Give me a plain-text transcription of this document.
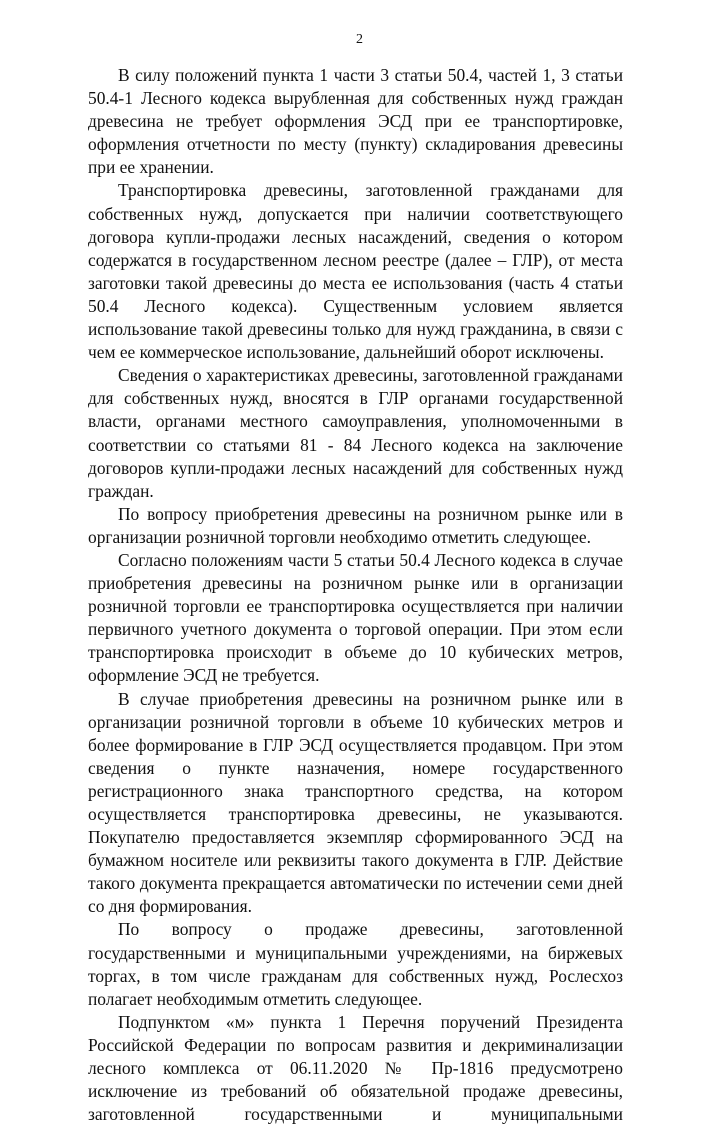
2

В силу положений пункта 1 части 3 статьи 50.4, частей 1, 3 статьи 50.4-1 Лесного кодекса вырубленная для собственных нужд граждан древесина не требует оформления ЭСД при ее транспортировке, оформления отчетности по месту (пункту) складирования древесины при ее хранении.

Транспортировка древесины, заготовленной гражданами для собственных нужд, допускается при наличии соответствующего договора купли-продажи лесных насаждений, сведения о котором содержатся в государственном лесном реестре (далее – ГЛР), от места заготовки такой древесины до места ее использования (часть 4 статьи 50.4 Лесного кодекса). Существенным условием является использование такой древесины только для нужд гражданина, в связи с чем ее коммерческое использование, дальнейший оборот исключены.

Сведения о характеристиках древесины, заготовленной гражданами для собственных нужд, вносятся в ГЛР органами государственной власти, органами местного самоуправления, уполномоченными в соответствии со статьями 81 - 84 Лесного кодекса на заключение договоров купли-продажи лесных насаждений для собственных нужд граждан.

По вопросу приобретения древесины на розничном рынке или в организации розничной торговли необходимо отметить следующее.

Согласно положениям части 5 статьи 50.4 Лесного кодекса в случае приобретения древесины на розничном рынке или в организации розничной торговли ее транспортировка осуществляется при наличии первичного учетного документа о торговой операции. При этом если транспортировка происходит в объеме до 10 кубических метров, оформление ЭСД не требуется.

В случае приобретения древесины на розничном рынке или в организации розничной торговли в объеме 10 кубических метров и более формирование в ГЛР ЭСД осуществляется продавцом. При этом сведения о пункте назначения, номере государственного регистрационного знака транспортного средства, на котором осуществляется транспортировка древесины, не указываются. Покупателю предоставляется экземпляр сформированного ЭСД на бумажном носителе или реквизиты такого документа в ГЛР. Действие такого документа прекращается автоматически по истечении семи дней со дня формирования.

По вопросу о продаже древесины, заготовленной государственными и муниципальными учреждениями, на биржевых торгах, в том числе гражданам для собственных нужд, Рослесхоз полагает необходимым отметить следующее.

Подпунктом «м» пункта 1 Перечня поручений Президента Российской Федерации по вопросам развития и декриминализации лесного комплекса от 06.11.2020 № Пр-1816 предусмотрено исключение из требований об обязательной продаже древесины, заготовленной государственными и муниципальными
